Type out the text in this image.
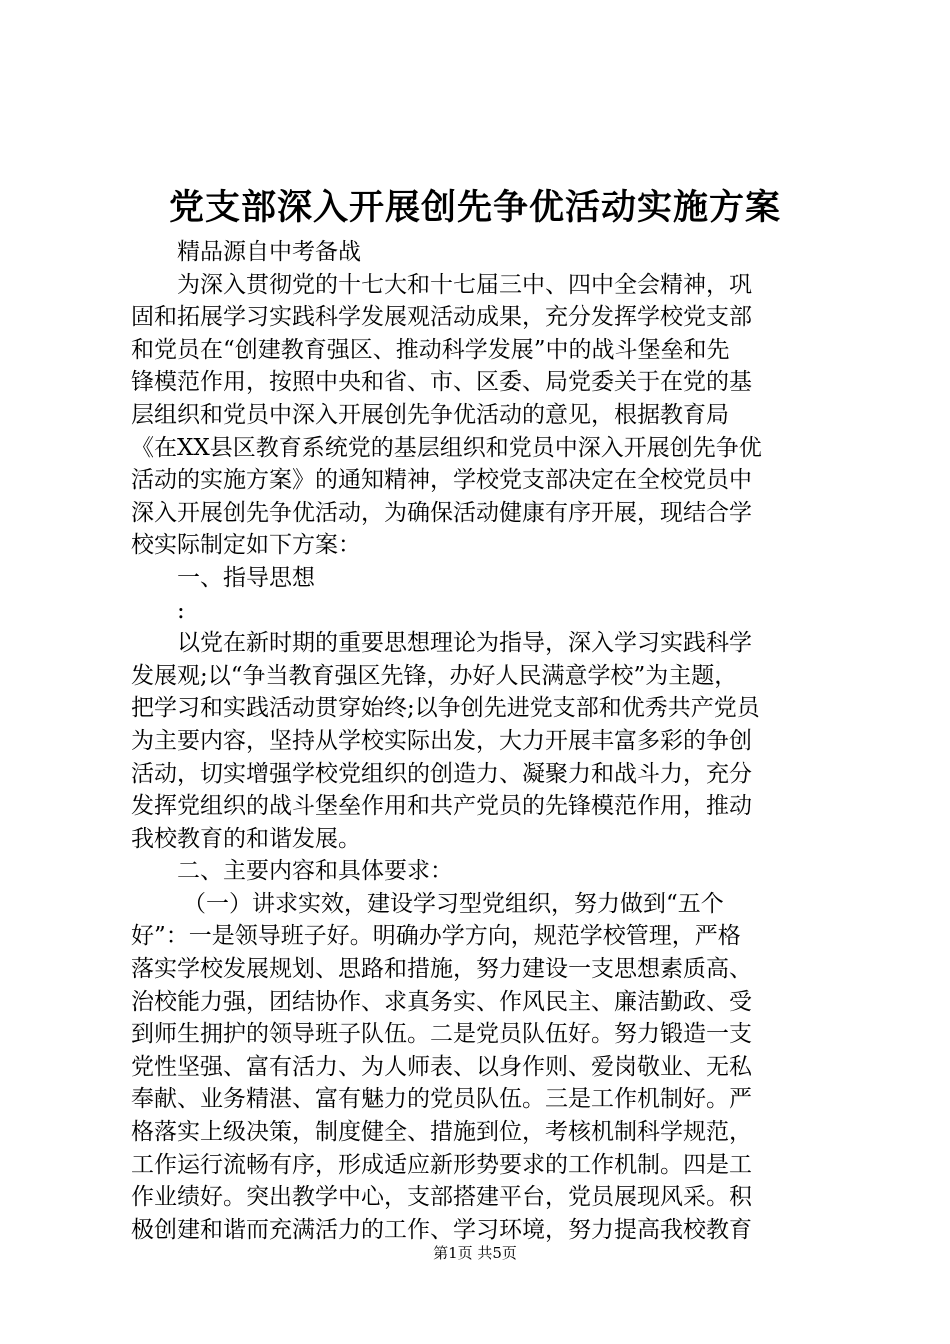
党支部深入开展创先争优活动实施方案
精品源自中考备战
为深入贯彻党的十七大和十七届三中、四中全会精神，巩
固和拓展学习实践科学发展观活动成果，充分发挥学校党支部
和党员在“创建教育强区、推动科学发展”中的战斗堡垒和先
锋模范作用，按照中央和省、市、区委、局党委关于在党的基
层组织和党员中深入开展创先争优活动的意见，根据教育局
《在XX县区教育系统党的基层组织和党员中深入开展创先争优
活动的实施方案》的通知精神，学校党支部决定在全校党员中
深入开展创先争优活动，为确保活动健康有序开展，现结合学
校实际制定如下方案：
一、指导思想
:
以党在新时期的重要思想理论为指导，深入学习实践科学
发展观;以“争当教育强区先锋，办好人民满意学校”为主题，
把学习和实践活动贯穿始终;以争创先进党支部和优秀共产党员
为主要内容，坚持从学校实际出发，大力开展丰富多彩的争创
活动，切实增强学校党组织的创造力、凝聚力和战斗力，充分
发挥党组织的战斗堡垒作用和共产党员的先锋模范作用，推动
我校教育的和谐发展。
二、主要内容和具体要求：
（一）讲求实效，建设学习型党组织，努力做到“五个
好”：一是领导班子好。明确办学方向，规范学校管理，严格
落实学校发展规划、思路和措施，努力建设一支思想素质高、
治校能力强，团结协作、求真务实、作风民主、廉洁勤政、受
到师生拥护的领导班子队伍。二是党员队伍好。努力锻造一支
党性坚强、富有活力、为人师表、以身作则、爱岗敬业、无私
奉献、业务精湛、富有魅力的党员队伍。三是工作机制好。严
格落实上级决策，制度健全、措施到位，考核机制科学规范，
工作运行流畅有序，形成适应新形势要求的工作机制。四是工
作业绩好。突出教学中心，支部搭建平台，党员展现风采。积
极创建和谐而充满活力的工作、学习环境，努力提高我校教育
第1页 共5页
